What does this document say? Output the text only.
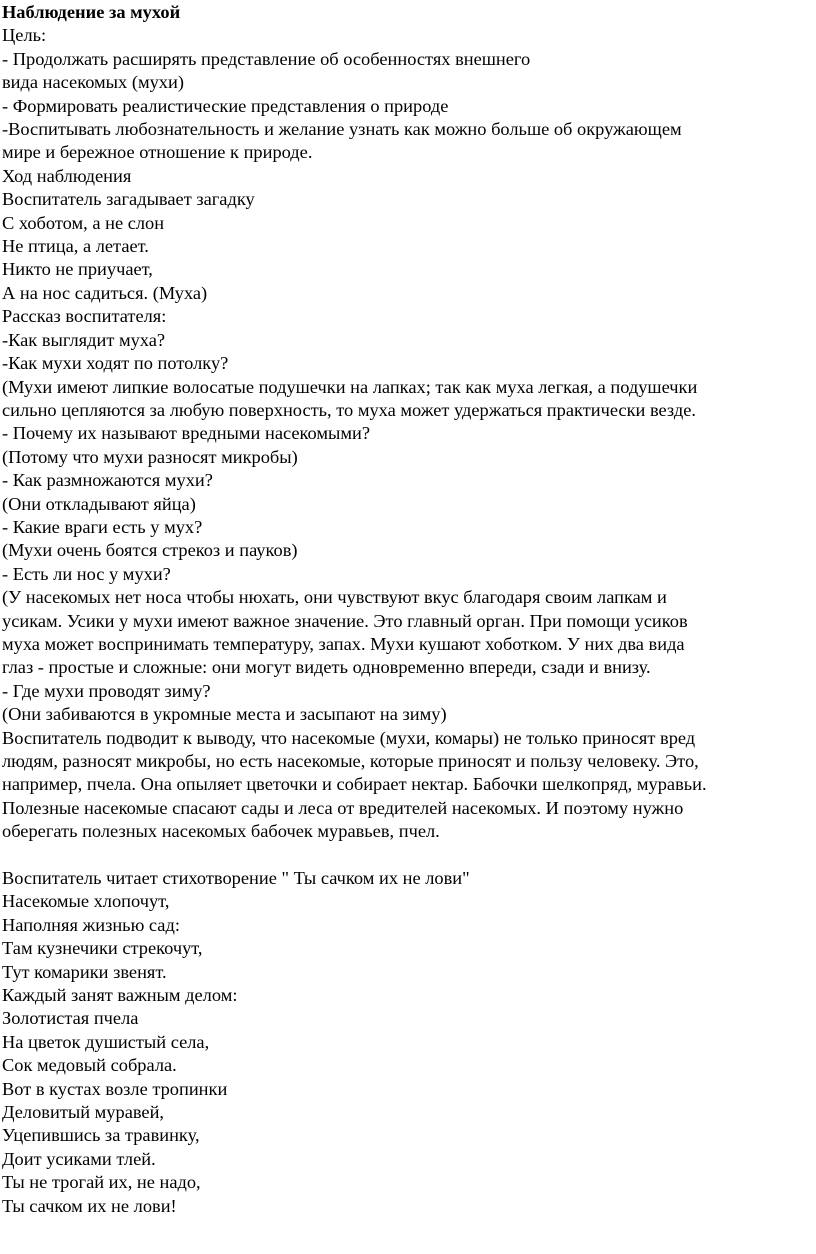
Наблюдение за мухой
Цель:
- Продолжать расширять представление об особенностях внешнего
вида насекомых (мухи)
- Формировать реалистические представления о природе
-Воспитывать любознательность и желание узнать как можно больше об окружающем
мире и бережное отношение к природе.
Ход наблюдения
Воспитатель загадывает загадку
С хоботом, а не слон
Не птица, а летает.
Никто не приучает,
А на нос садиться. (Муха)
Рассказ воспитателя:
-Как выглядит муха?
-Как мухи ходят по потолку?
(Мухи имеют липкие волосатые подушечки на лапках; так как муха легкая, а подушечки
сильно цепляются за любую поверхность, то муха может удержаться практически везде.
- Почему их называют вредными насекомыми?
(Потому что мухи разносят микробы)
- Как размножаются мухи?
(Они откладывают яйца)
- Какие враги есть у мух?
(Мухи очень боятся стрекоз и пауков)
- Есть ли нос у мухи?
(У насекомых нет носа чтобы нюхать, они чувствуют вкус благодаря своим лапкам и
усикам. Усики у мухи имеют важное значение. Это главный орган. При помощи усиков
муха может воспринимать температуру, запах. Мухи кушают хоботком. У них два вида
глаз - простые и сложные: они могут видеть одновременно впереди, сзади и внизу.
- Где мухи проводят зиму?
(Они забиваются в укромные места и засыпают на зиму)
Воспитатель подводит к выводу, что насекомые (мухи, комары) не только приносят вред
людям, разносят микробы, но есть насекомые, которые приносят и пользу человеку. Это,
например, пчела. Она опыляет цветочки и собирает нектар. Бабочки шелкопряд, муравьи.
Полезные насекомые спасают сады и леса от вредителей насекомых. И поэтому нужно
оберегать полезных насекомых бабочек муравьев, пчел.
Воспитатель читает стихотворение " Ты сачком их не лови"
Насекомые хлопочут,
Наполняя жизнью сад:
Там кузнечики стрекочут,
Тут комарики звенят.
Каждый занят важным делом:
Золотистая пчела
На цветок душистый села,
Сок медовый собрала.
Вот в кустах возле тропинки
Деловитый муравей,
Уцепившись за травинку,
Доит усиками тлей.
Ты не трогай их, не надо,
Ты сачком их не лови!
